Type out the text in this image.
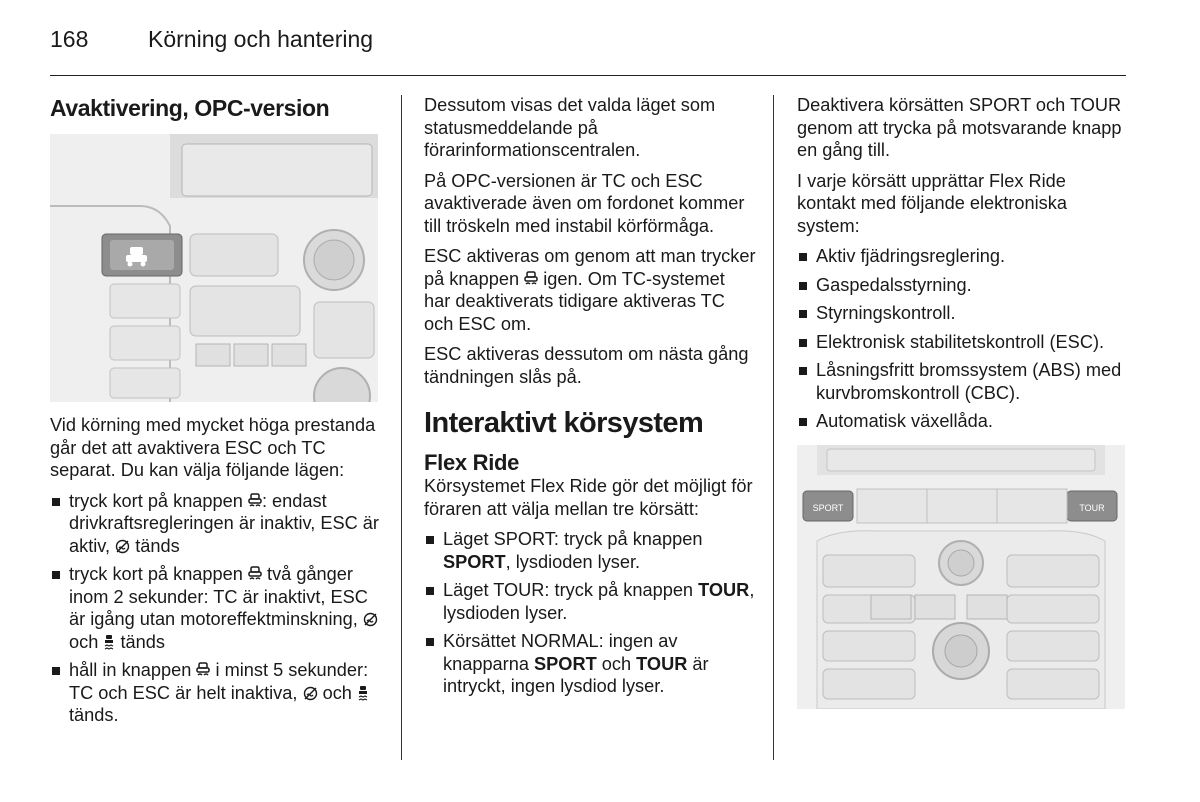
168	Körning och hantering
Avaktivering, OPC-version

Vid körning med mycket höga prestanda går det att avaktivera ESC och TC separat. Du kan välja följande lägen:

tryck kort på knappen : endast drivkraftsregleringen är inaktiv, ESC är aktiv, tänds
tryck kort på knappen två gånger inom 2 sekunder: TC är inaktivt, ESC är igång utan motoreffektminskning,  och tänds
håll in knappen i minst 5 sekunder: TC och ESC är helt inaktiva, och  tänds.

Dessutom visas det valda läget som statusmeddelande på förarinformationscentralen.

På OPC-versionen är TC och ESC avaktiverade även om fordonet kommer till tröskeln med instabil körförmåga.

ESC aktiveras om genom att man trycker på knappen igen. Om TC-systemet har deaktiverats tidigare aktiveras TC och ESC om.

ESC aktiveras dessutom om nästa gång tändningen slås på.

Interaktivt körsystem
Flex Ride

Körsystemet Flex Ride gör det möjligt för föraren att välja mellan tre körsätt:

Läget SPORT: tryck på knappen SPORT, lysdioden lyser.
Läget TOUR: tryck på knappen TOUR, lysdioden lyser.
Körsättet NORMAL: ingen av knapparna SPORT och TOUR är intryckt, ingen lysdiod lyser.

Deaktivera körsätten SPORT och TOUR genom att trycka på motsvarande knapp en gång till.

I varje körsätt upprättar Flex Ride kontakt med följande elektroniska system:

Aktiv fjädringsreglering.
Gaspedalsstyrning.
Styrningskontroll.
Elektronisk stabilitetskontroll (ESC).
Låsningsfritt bromssystem (ABS) med kurvbromskontroll (CBC).
Automatisk växellåda.
SPORT	TOUR
